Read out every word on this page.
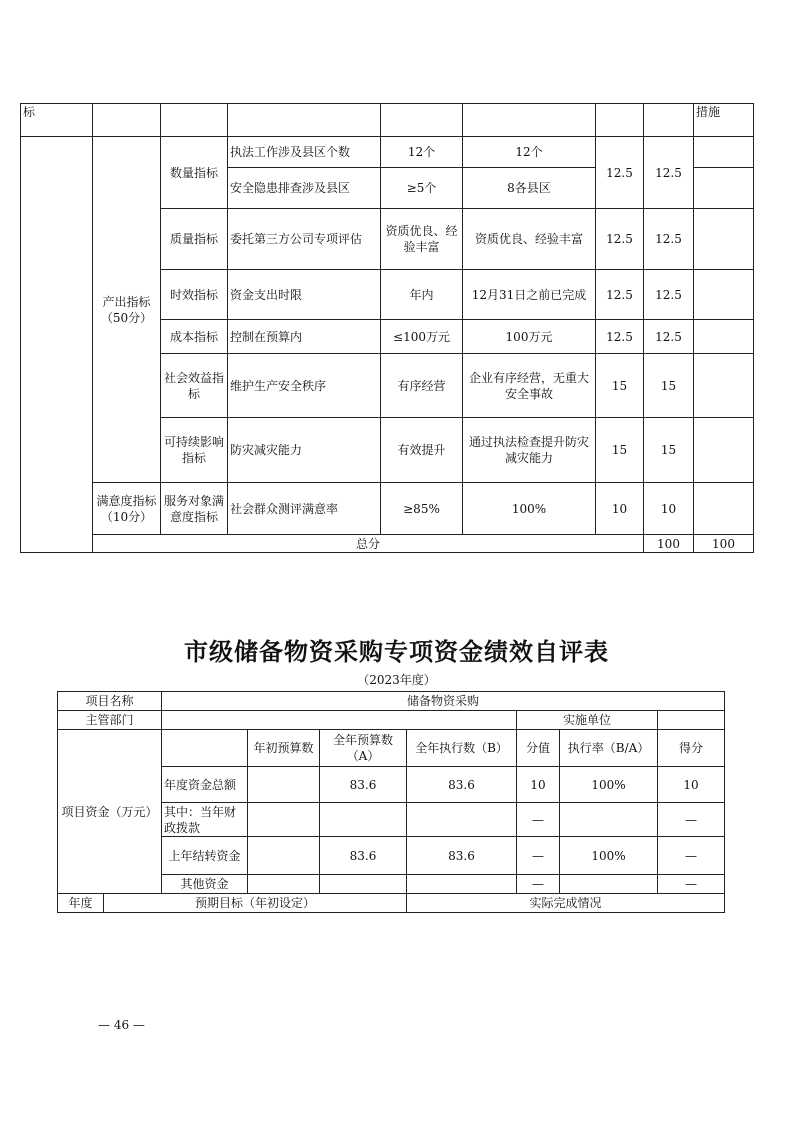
标								措施	
	产出指标（50分）	数量指标	执法工作涉及县区个数	12个	12个	12.5	12.5		
			安全隐患排查涉及县区	≥5个	8各县区				
		质量指标	委托第三方公司专项评估	资质优良、经验丰富	资质优良、经验丰富	12.5	12.5		
		时效指标	资金支出时限	年内	12月31日之前已完成	12.5	12.5		
		成本指标	控制在预算内	≤100万元	100万元	12.5	12.5		
		社会效益指标	维护生产安全秩序	有序经营	企业有序经营，无重大安全事故	15	15		
		可持续影响指标	防灾减灾能力	有效提升	通过执法检查提升防灾减灾能力	15	15		
	满意度指标（10分）	服务对象满意度指标	社会群众测评满意率	≥85%	100%	10	10		
	总分						100	100	
市级储备物资采购专项资金绩效自评表
（2023年度）
项目名称		储备物资采购						
主管部门						实施单位		
项目资金（万元）			年初预算数	全年预算数（A）	全年执行数（B）	分值	执行率（B/A）	得分
		年度资金总额		83.6	83.6	10	100%	10
		其中：当年财政拨款				—		—
		上年结转资金		83.6	83.6	—	100%	—
		其他资金				—		—
年度	预期目标（年初设定）				实际完成情况			
— 46 —
